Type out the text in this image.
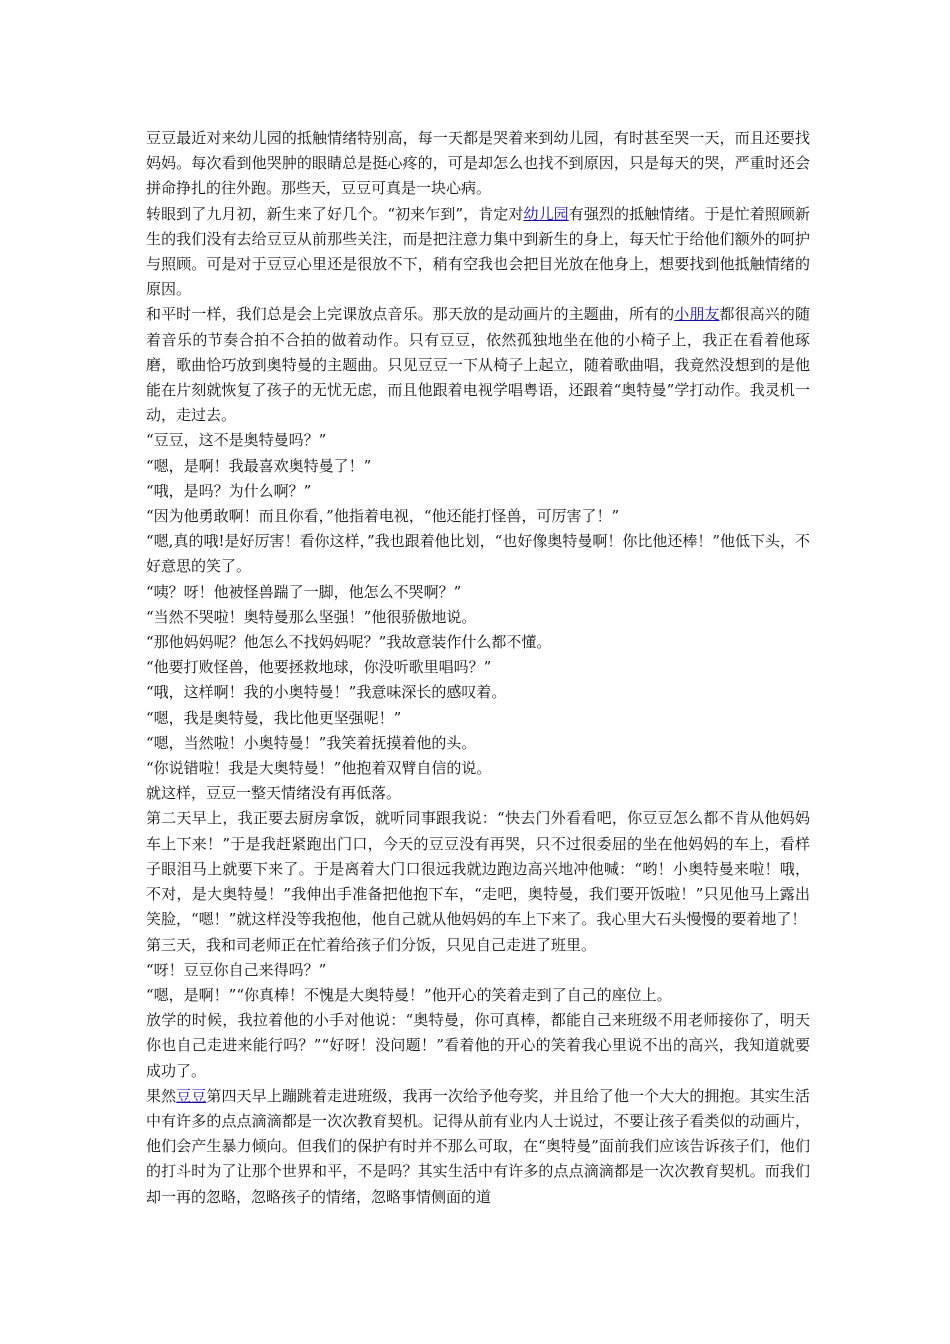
豆豆最近对来幼儿园的抵触情绪特别高，每一天都是哭着来到幼儿园，有时甚至哭一天，而且还要找妈妈。每次看到他哭肿的眼睛总是挺心疼的，可是却怎么也找不到原因，只是每天的哭，严重时还会拼命挣扎的往外跑。那些天，豆豆可真是一块心病。

转眼到了九月初，新生来了好几个。“初来乍到”，肯定对幼儿园有强烈的抵触情绪。于是忙着照顾新生的我们没有去给豆豆从前那些关注，而是把注意力集中到新生的身上，每天忙于给他们额外的呵护与照顾。可是对于豆豆心里还是很放不下，稍有空我也会把目光放在他身上，想要找到他抵触情绪的原因。

和平时一样，我们总是会上完课放点音乐。那天放的是动画片的主题曲，所有的小朋友都很高兴的随着音乐的节奏合拍不合拍的做着动作。只有豆豆，依然孤独地坐在他的小椅子上，我正在看着他琢磨，歌曲恰巧放到奥特曼的主题曲。只见豆豆一下从椅子上起立，随着歌曲唱，我竟然没想到的是他能在片刻就恢复了孩子的无忧无虑，而且他跟着电视学唱粤语，还跟着“奥特曼”学打动作。我灵机一动，走过去。

“豆豆，这不是奥特曼吗？”

“嗯，是啊！我最喜欢奥特曼了！”

“哦，是吗？为什么啊？”

“因为他勇敢啊！而且你看，”他指着电视，“他还能打怪兽，可厉害了！”

“嗯,真的哦!是好厉害！看你这样，”我也跟着他比划，“也好像奥特曼啊！你比他还棒！”他低下头，不好意思的笑了。

“咦？呀！他被怪兽踹了一脚，他怎么不哭啊？”

“当然不哭啦！奥特曼那么坚强！”他很骄傲地说。

“那他妈妈呢？他怎么不找妈妈呢？”我故意装作什么都不懂。

“他要打败怪兽，他要拯救地球，你没听歌里唱吗？”

“哦，这样啊！我的小奥特曼！”我意味深长的感叹着。

“嗯，我是奥特曼，我比他更坚强呢！”

“嗯，当然啦！小奥特曼！”我笑着抚摸着他的头。

“你说错啦！我是大奥特曼！”他抱着双臂自信的说。

就这样，豆豆一整天情绪没有再低落。

第二天早上，我正要去厨房拿饭，就听同事跟我说：“快去门外看看吧，你豆豆怎么都不肯从他妈妈车上下来！”于是我赶紧跑出门口，今天的豆豆没有再哭，只不过很委屈的坐在他妈妈的车上，看样子眼泪马上就要下来了。于是离着大门口很远我就边跑边高兴地冲他喊：“哟！小奥特曼来啦！哦，不对，是大奥特曼！”我伸出手准备把他抱下车，“走吧，奥特曼，我们要开饭啦！”只见他马上露出笑脸，“嗯！”就这样没等我抱他，他自己就从他妈妈的车上下来了。我心里大石头慢慢的要着地了！

第三天，我和司老师正在忙着给孩子们分饭，只见自己走进了班里。

“呀！豆豆你自己来得吗？”

“嗯，是啊！”“你真棒！不愧是大奥特曼！”他开心的笑着走到了自己的座位上。

放学的时候，我拉着他的小手对他说：“奥特曼，你可真棒，都能自己来班级不用老师接你了，明天你也自己走进来能行吗？”“好呀！没问题！”看着他的开心的笑着我心里说不出的高兴，我知道就要成功了。

果然豆豆第四天早上蹦跳着走进班级，我再一次给予他夸奖，并且给了他一个大大的拥抱。其实生活中有许多的点点滴滴都是一次次教育契机。记得从前有业内人士说过，不要让孩子看类似的动画片，他们会产生暴力倾向。但我们的保护有时并不那么可取，在“奥特曼”面前我们应该告诉孩子们，他们的打斗时为了让那个世界和平，不是吗？其实生活中有许多的点点滴滴都是一次次教育契机。而我们却一再的忽略，忽略孩子的情绪，忽略事情侧面的道
